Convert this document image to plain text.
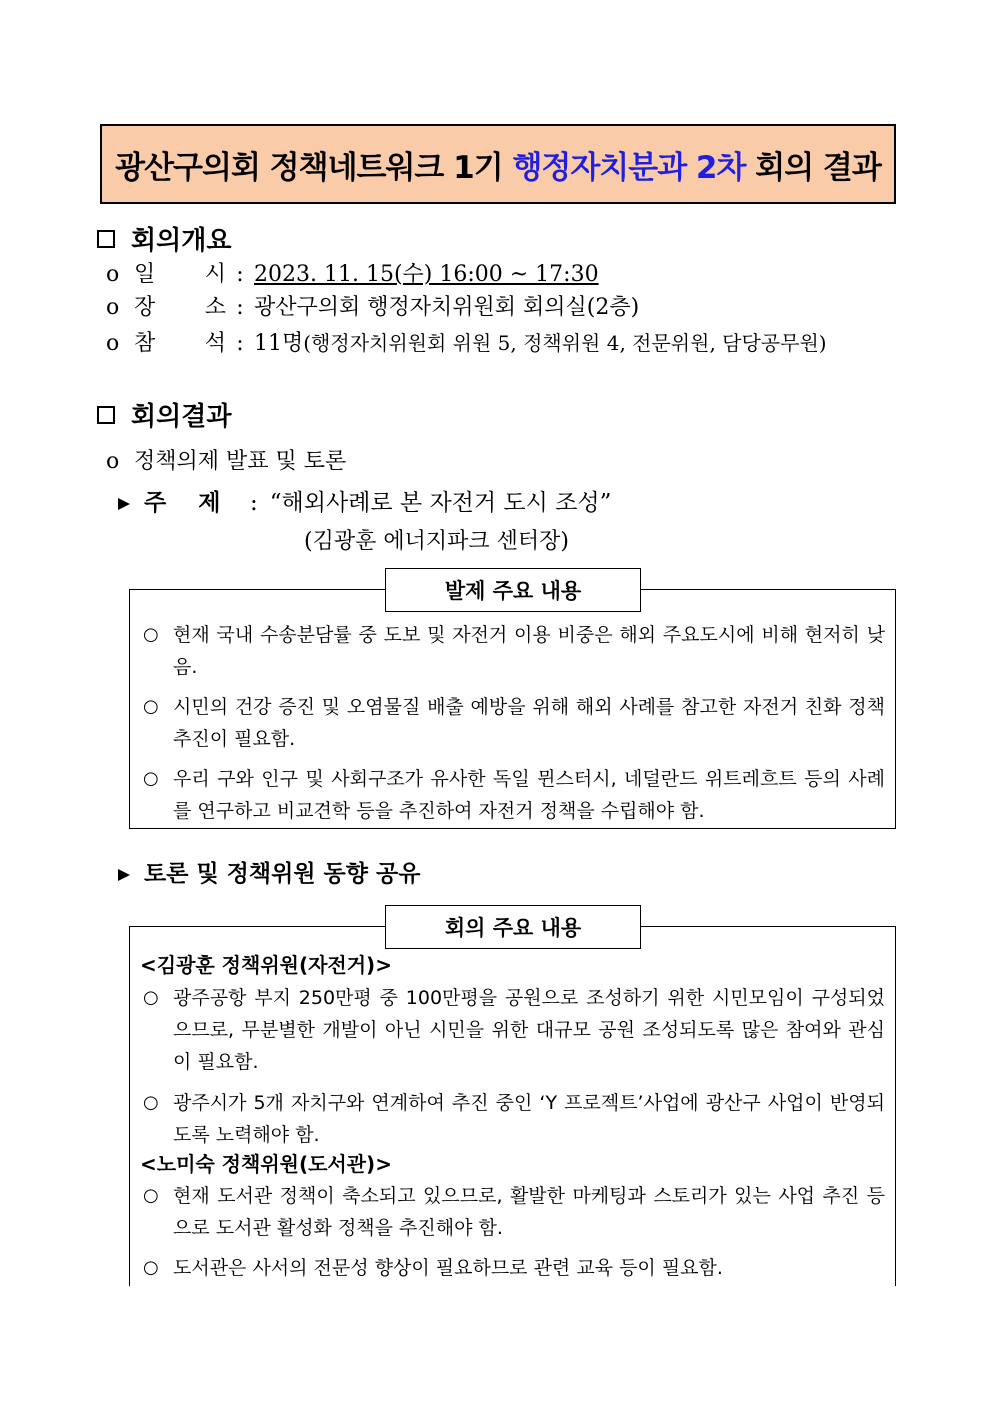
광산구의회 정책네트워크 1기 행정자치분과 2차 회의 결과
회의개요
o 일 시 : 2023. 11. 15(수) 16:00 ~ 17:30
o 장 소 : 광산구의회 행정자치위원회 회의실(2층)
o 참 석 : 11명 (행정자치위원회 위원 5, 정책위원 4, 전문위원, 담당공무원)
회의결과
o 정책의제 발표 및 토론
주    제 : “해외사례로 본 자전거 도시 조성”
(김광훈 에너지파크 센터장)
발제 주요 내용
○ 현재 국내 수송분담률 중 도보 및 자전거 이용 비중은 해외 주요도시에 비해 현저히 낮음.
○ 시민의 건강 증진 및 오염물질 배출 예방을 위해 해외 사례를 참고한 자전거 친화 정책 추진이 필요함.
○ 우리 구와 인구 및 사회구조가 유사한 독일 뮌스터시, 네덜란드 위트레흐트 등의 사례를 연구하고 비교견학 등을 추진하여 자전거 정책을 수립해야 함.
토론 및 정책위원 동향 공유
회의 주요 내용
<김광훈 정책위원(자전거)>
○ 광주공항 부지 250만평 중 100만평을 공원으로 조성하기 위한 시민모임이 구성되었으므로, 무분별한 개발이 아닌 시민을 위한 대규모 공원 조성되도록 많은 참여와 관심이 필요함.
○ 광주시가 5개 자치구와 연계하여 추진 중인 ‘Y 프로젝트’사업에 광산구 사업이 반영되도록 노력해야 함.
<노미숙 정책위원(도서관)>
○ 현재 도서관 정책이 축소되고 있으므로, 활발한 마케팅과 스토리가 있는 사업 추진 등으로 도서관 활성화 정책을 추진해야 함.
○ 도서관은 사서의 전문성 향상이 필요하므로 관련 교육 등이 필요함.
